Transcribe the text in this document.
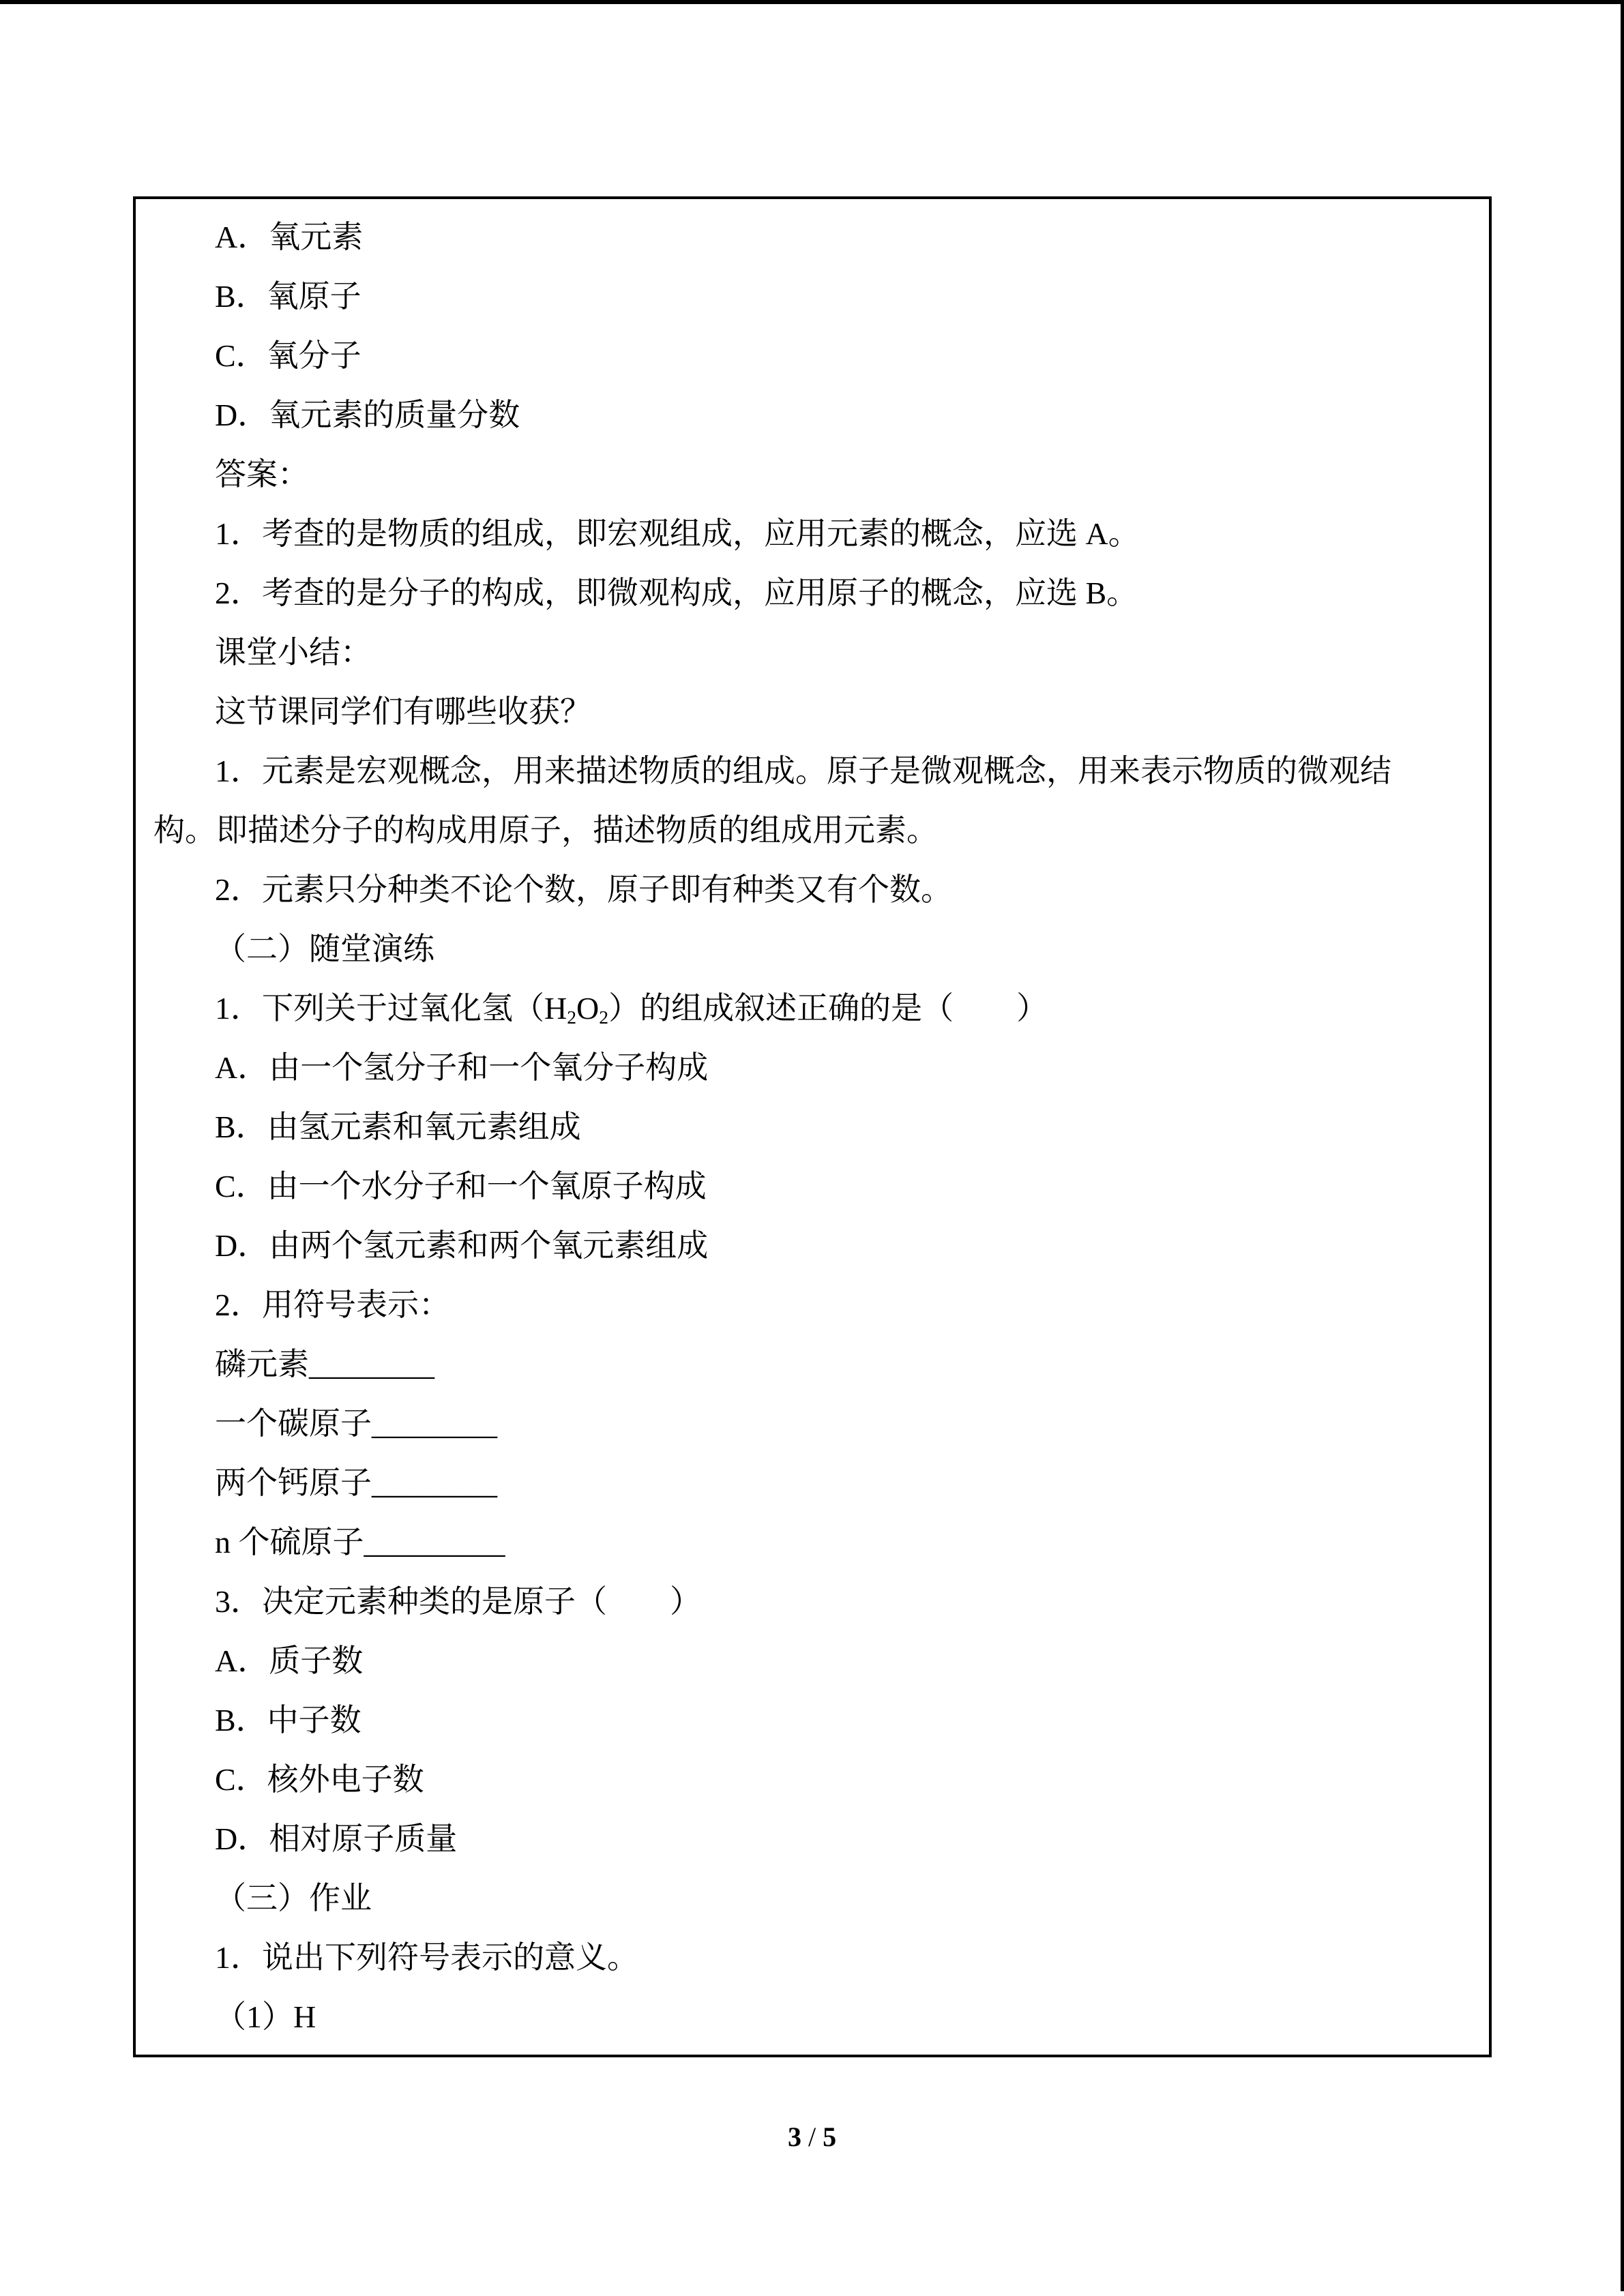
A．氧元素

B．氧原子

C．氧分子

D．氧元素的质量分数

答案：

1．考查的是物质的组成，即宏观组成，应用元素的概念，应选 A。

2．考查的是分子的构成，即微观构成，应用原子的概念，应选 B。

课堂小结：

这节课同学们有哪些收获？

1．元素是宏观概念，用来描述物质的组成。原子是微观概念，用来表示物质的微观结

构。即描述分子的构成用原子，描述物质的组成用元素。

2．元素只分种类不论个数，原子即有种类又有个数。

（二）随堂演练

1．下列关于过氧化氢$(H_2O_2)$的组成叙述正确的是（　　）

A．由一个氢分子和一个氧分子构成

B．由氢元素和氧元素组成

C．由一个水分子和一个氧原子构成

D．由两个氢元素和两个氧元素组成

2．用符号表示：

磷元素________

一个碳原子________

两个钙原子________

n 个硫原子_________

3．决定元素种类的是原子（　　）

A．质子数

B．中子数

C．核外电子数

D．相对原子质量

（三）作业

1．说出下列符号表示的意义。

（1）H

3 / 5
